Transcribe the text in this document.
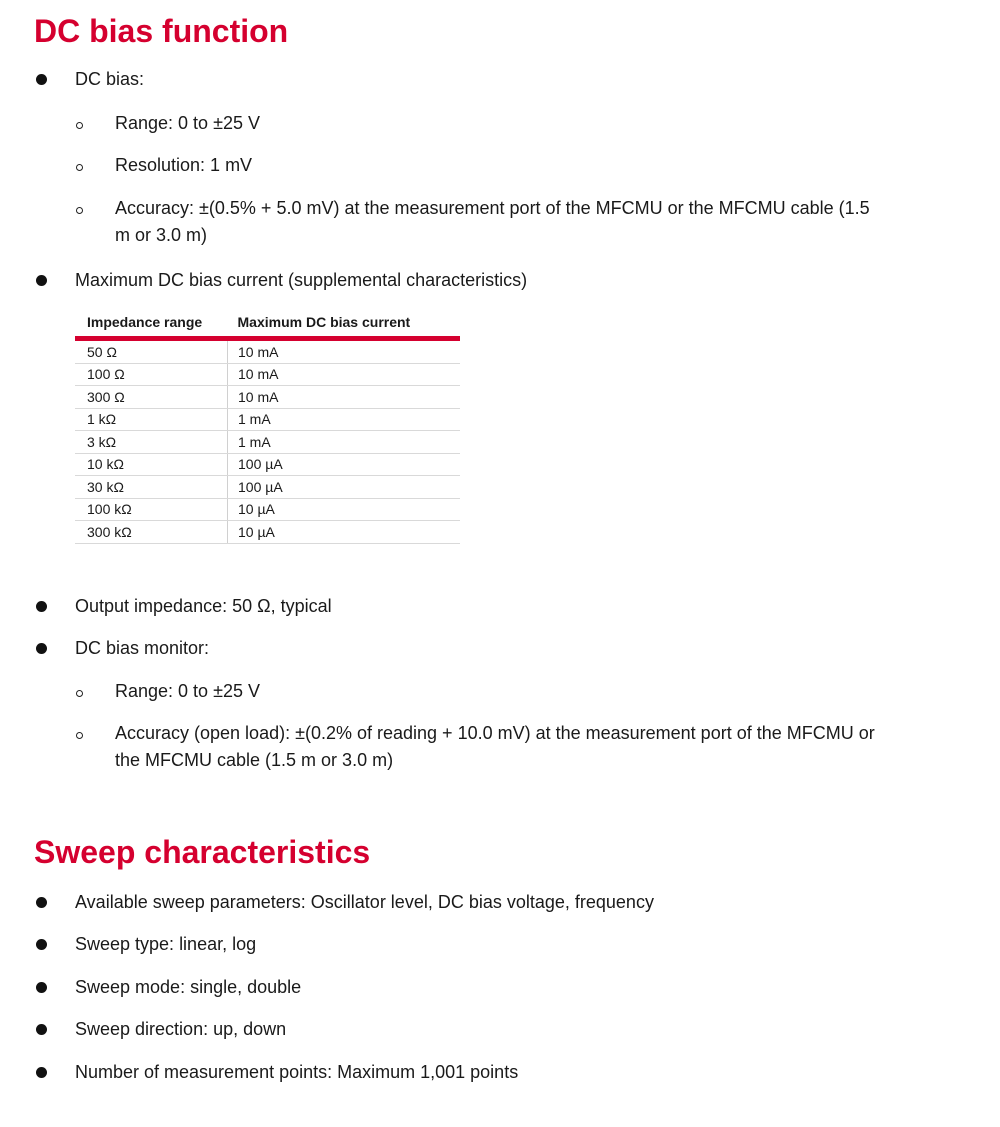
DC bias function
DC bias:
Range: 0 to ±25 V
Resolution: 1 mV
Accuracy: ±(0.5% + 5.0 mV) at the measurement port of the MFCMU or the MFCMU cable (1.5
m or 3.0 m)
Maximum DC bias current (supplemental characteristics)
Impedance range	Maximum DC bias current
50 Ω	10 mA
100 Ω	10 mA
300 Ω	10 mA
1 kΩ	1 mA
3 kΩ	1 mA
10 kΩ	100 µA
30 kΩ	100 µA
100 kΩ	10 µA
300 kΩ	10 µA
Output impedance: 50 Ω, typical
DC bias monitor:
Range: 0 to ±25 V
Accuracy (open load): ±(0.2% of reading + 10.0 mV) at the measurement port of the MFCMU or
the MFCMU cable (1.5 m or 3.0 m)
Sweep characteristics
Available sweep parameters: Oscillator level, DC bias voltage, frequency
Sweep type: linear, log
Sweep mode: single, double
Sweep direction: up, down
Number of measurement points: Maximum 1,001 points
